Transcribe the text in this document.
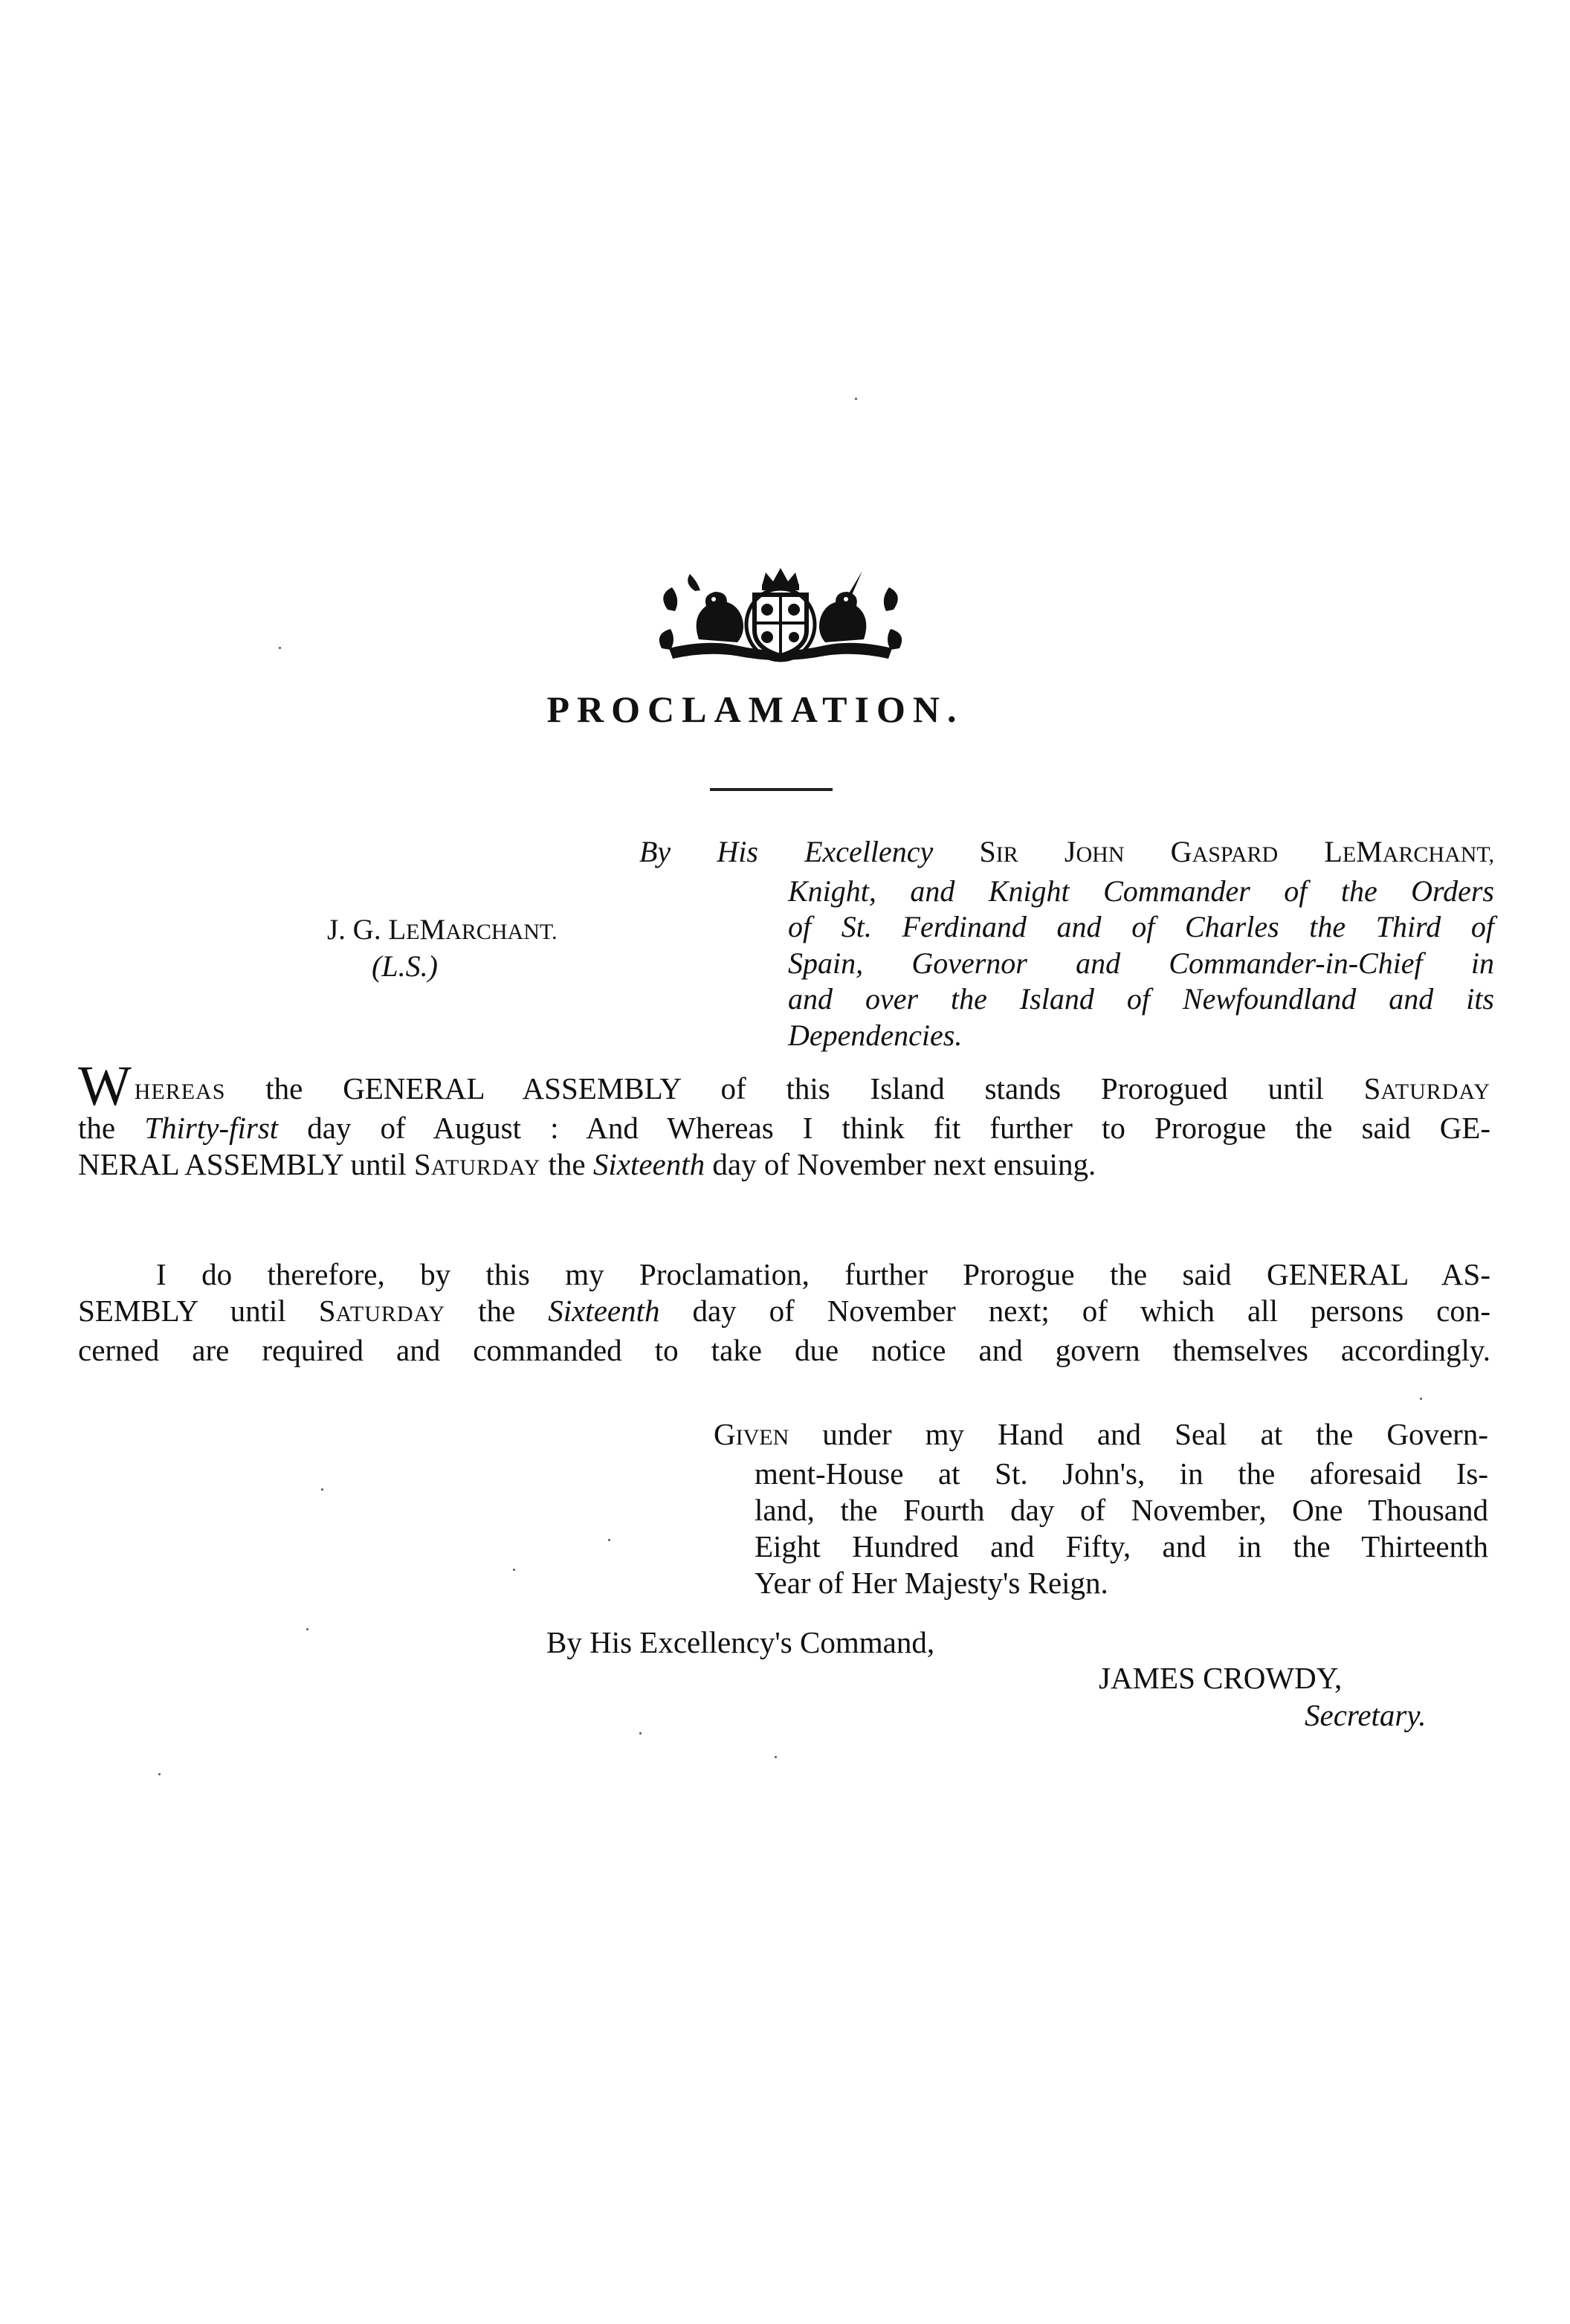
PROCLAMATION.
J. G. LEMARCHANT.
(L.S.)
By His Excellency SIR JOHN GASPARD LEMARCHANT,
Knight, and Knight Commander of the Orders
of St. Ferdinand and of Charles the Third of
Spain, Governor and Commander-in-Chief in
and over the Island of Newfoundland and its
Dependencies.
WHEREAS the GENERAL ASSEMBLY of this Island stands Prorogued until SATURDAY
the Thirty-first day of August : And Whereas I think fit further to Prorogue the said GE-
NERAL ASSEMBLY until SATURDAY the Sixteenth day of November next ensuing.
I do therefore, by this my Proclamation, further Prorogue the said GENERAL AS-
SEMBLY until SATURDAY the Sixteenth day of November next; of which all persons con-
cerned are required and commanded to take due notice and govern themselves accordingly.
GIVEN under my Hand and Seal at the Govern-
ment-House at St. John's, in the aforesaid Is-
land, the Fourth day of November, One Thousand
Eight Hundred and Fifty, and in the Thirteenth
Year of Her Majesty's Reign.
By His Excellency's Command,
JAMES CROWDY,
Secretary.
